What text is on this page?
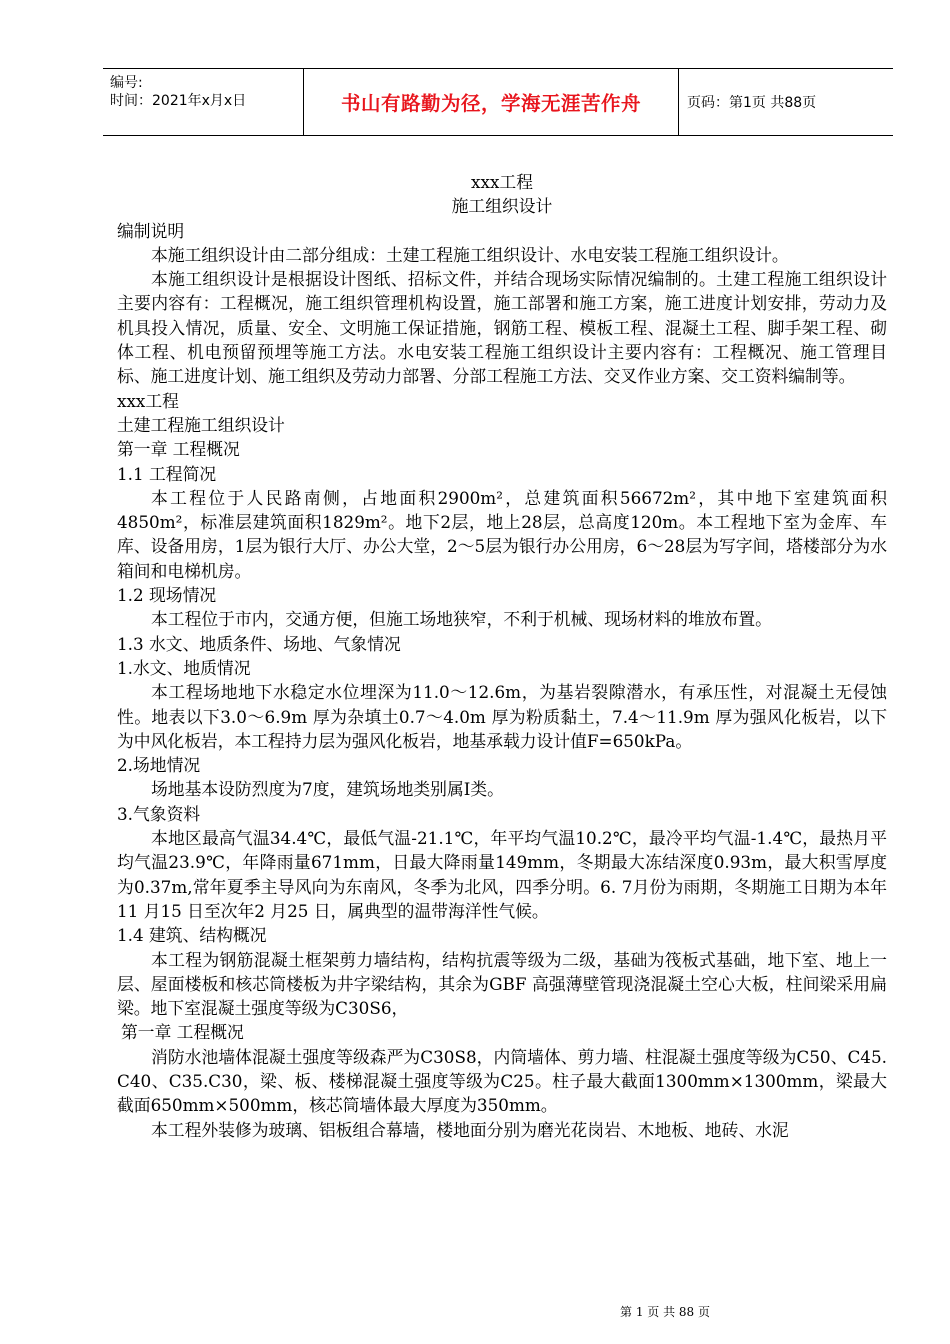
编号:
时间：2021年x月x日	书山有路勤为径，学海无涯苦作舟	页码：第1页 共88页

xxx工程

施工组织设计

编制说明

本施工组织设计由二部分组成：土建工程施工组织设计、水电安装工程施工组织设计。

本施工组织设计是根据设计图纸、招标文件，并结合现场实际情况编制的。土建工程施工组织设计主要内容有：工程概况，施工组织管理机构设置，施工部署和施工方案，施工进度计划安排，劳动力及机具投入情况，质量、安全、文明施工保证措施，钢筋工程、模板工程、混凝土工程、脚手架工程、砌体工程、机电预留预埋等施工方法。水电安装工程施工组织设计主要内容有：工程概况、施工管理目标、施工进度计划、施工组织及劳动力部署、分部工程施工方法、交叉作业方案、交工资料编制等。

xxx工程

土建工程施工组织设计

第一章 工程概况

1.1 工程简况

本工程位于人民路南侧，占地面积2900m²，总建筑面积56672m²，其中地下室建筑面积4850m²，标准层建筑面积1829m²。地下2层，地上28层，总高度120m。本工程地下室为金库、车库、设备用房，1层为银行大厅、办公大堂，2～5层为银行办公用房，6～28层为写字间，塔楼部分为水箱间和电梯机房。

1.2 现场情况

本工程位于市内，交通方便，但施工场地狭窄，不利于机械、现场材料的堆放布置。

1.3 水文、地质条件、场地、气象情况

1.水文、地质情况

本工程场地地下水稳定水位埋深为11.0～12.6m，为基岩裂隙潜水，有承压性，对混凝土无侵蚀性。地表以下3.0～6.9m 厚为杂填土0.7～4.0m 厚为粉质黏土，7.4～11.9m 厚为强风化板岩，以下为中风化板岩，本工程持力层为强风化板岩，地基承载力设计值F=650kPa。

2.场地情况

场地基本设防烈度为7度，建筑场地类别属Ⅰ类。

3.气象资料

本地区最高气温34.4℃，最低气温-21.1℃，年平均气温10.2℃，最冷平均气温-1.4℃，最热月平均气温23.9℃，年降雨量671mm，日最大降雨量149mm，冬期最大冻结深度0.93m，最大积雪厚度为0.37m,常年夏季主导风向为东南风，冬季为北风，四季分明。6. 7月份为雨期，冬期施工日期为本年11 月15 日至次年2 月25 日，属典型的温带海洋性气候。

1.4 建筑、结构概况

本工程为钢筋混凝土框架剪力墙结构，结构抗震等级为二级，基础为筏板式基础，地下室、地上一层、屋面楼板和核芯筒楼板为井字梁结构，其余为GBF 高强薄壁管现浇混凝土空心大板，柱间梁采用扁梁。地下室混凝土强度等级为C30S6，

第一章 工程概况

消防水池墙体混凝土强度等级森严为C30S8，内筒墙体、剪力墙、柱混凝土强度等级为C50、C45. C40、C35.C30，梁、板、楼梯混凝土强度等级为C25。柱子最大截面1300mm×1300mm，梁最大截面650mm×500mm，核芯筒墙体最大厚度为350mm。

本工程外装修为玻璃、铝板组合幕墙，楼地面分别为磨光花岗岩、木地板、地砖、水泥

第 1 页 共 88 页
